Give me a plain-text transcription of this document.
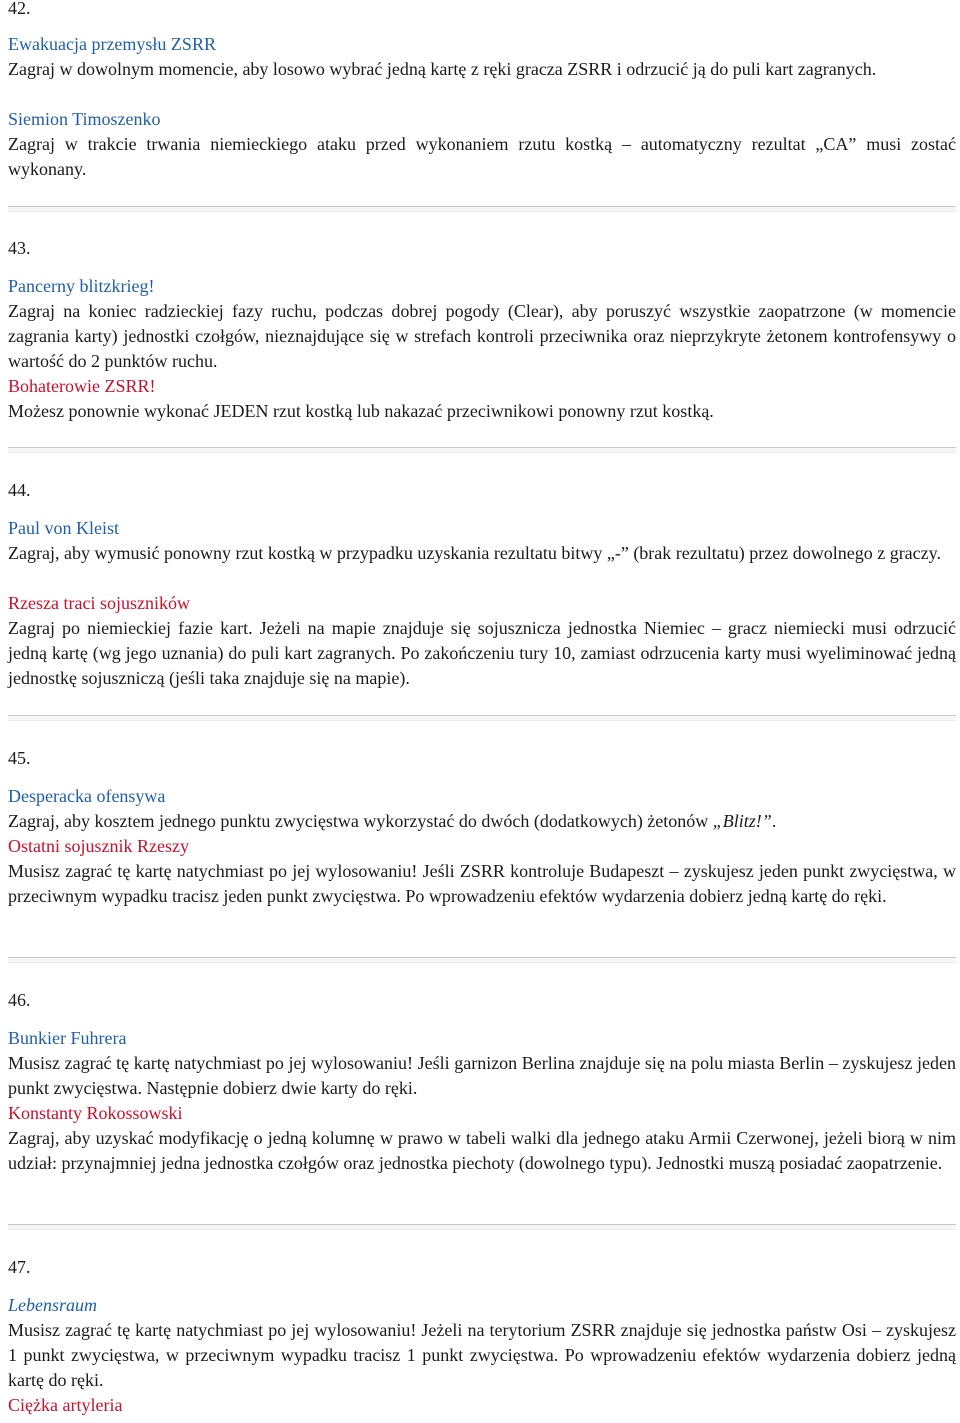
42.

Ewakuacja przemysłu ZSRR

Zagraj w dowolnym momencie, aby losowo wybrać jedną kartę z ręki gracza ZSRR i odrzucić ją do puli kart zagranych.

Siemion Timoszenko

Zagraj w trakcie trwania niemieckiego ataku przed wykonaniem rzutu kostką – automatyczny rezultat „CA” musi zostać wykonany.

43.

Pancerny blitzkrieg!

Zagraj na koniec radzieckiej fazy ruchu, podczas dobrej pogody (Clear), aby poruszyć wszystkie zaopatrzone (w momencie zagrania karty) jednostki czołgów, nieznajdujące się w strefach kontroli przeciwnika oraz nieprzykryte żetonem kontrofensywy o wartość do 2 punktów ruchu.

Bohaterowie ZSRR!

Możesz ponownie wykonać JEDEN rzut kostką lub nakazać przeciwnikowi ponowny rzut kostką.

44.

Paul von Kleist

Zagraj, aby wymusić ponowny rzut kostką w przypadku uzyskania rezultatu bitwy „-” (brak rezultatu) przez dowolnego z graczy.

Rzesza traci sojuszników

Zagraj po niemieckiej fazie kart. Jeżeli na mapie znajduje się sojusznicza jednostka Niemiec – gracz niemiecki musi odrzucić jedną kartę (wg jego uznania) do puli kart zagranych. Po zakończeniu tury 10, zamiast odrzucenia karty musi wyeliminować jedną jednostkę sojuszniczą (jeśli taka znajduje się na mapie).

45.

Desperacka ofensywa

Zagraj, aby kosztem jednego punktu zwycięstwa wykorzystać do dwóch (dodatkowych) żetonów „Blitz!”.

Ostatni sojusznik Rzeszy

Musisz zagrać tę kartę natychmiast po jej wylosowaniu! Jeśli ZSRR kontroluje Budapeszt – zyskujesz jeden punkt zwycięstwa, w przeciwnym wypadku tracisz jeden punkt zwycięstwa. Po wprowadzeniu efektów wydarzenia dobierz jedną kartę do ręki.

46.

Bunkier Fuhrera

Musisz zagrać tę kartę natychmiast po jej wylosowaniu! Jeśli garnizon Berlina znajduje się na polu miasta Berlin – zyskujesz jeden punkt zwycięstwa. Następnie dobierz dwie karty do ręki.

Konstanty Rokossowski

Zagraj, aby uzyskać modyfikację o jedną kolumnę w prawo w tabeli walki dla jednego ataku Armii Czerwonej, jeżeli biorą w nim udział: przynajmniej jedna jednostka czołgów oraz jednostka piechoty (dowolnego typu). Jednostki muszą posiadać zaopatrzenie.

47.

Lebensraum

Musisz zagrać tę kartę natychmiast po jej wylosowaniu! Jeżeli na terytorium ZSRR znajduje się jednostka państw Osi – zyskujesz 1 punkt zwycięstwa, w przeciwnym wypadku tracisz 1 punkt zwycięstwa. Po wprowadzeniu efektów wydarzenia dobierz jedną kartę do ręki.

Ciężka artyleria
